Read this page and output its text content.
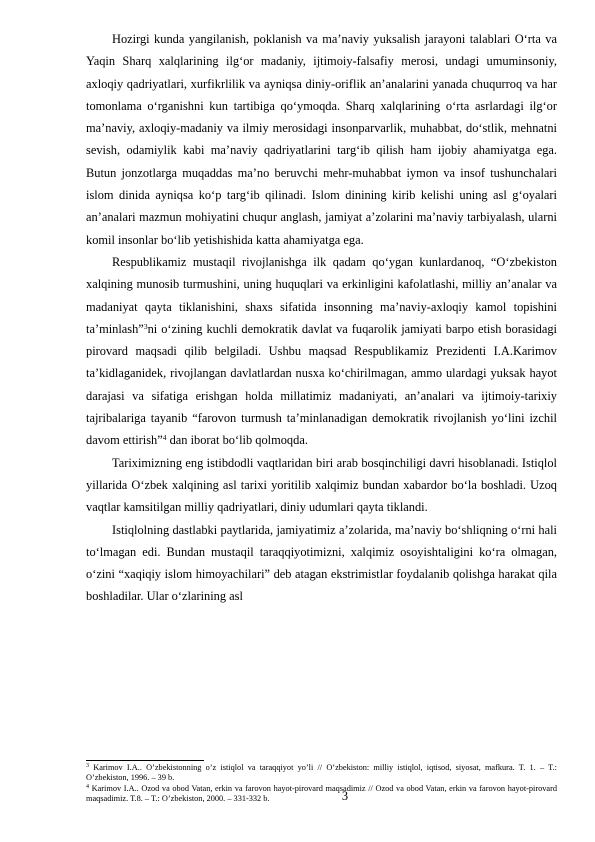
Hozirgi kunda yangilanish, poklanish va ma’naviy yuksalish jarayoni talablari O‘rta va Yaqin Sharq xalqlarining ilg‘or madaniy, ijtimoiy-falsafiy merosi, undagi umuminsoniy, axloqiy qadriyatlari, xurfikrlilik va ayniqsa diniy-oriflik an’analarini yanada chuqurroq va har tomonlama o‘rganishni kun tartibiga qo‘ymoqda. Sharq xalqlarining o‘rta asrlardagi ilg‘or ma’naviy, axloqiy-madaniy va ilmiy merosidagi insonparvarlik, muhabbat, do‘stlik, mehnatni sevish, odamiylik kabi ma’naviy qadriyatlarini targ‘ib qilish ham ijobiy ahamiyatga ega. Butun jonzotlarga muqaddas ma’no beruvchi mehr-muhabbat iymon va insof tushunchalari islom dinida ayniqsa ko‘p targ‘ib qilinadi. Islom dinining kirib kelishi uning asl g‘oyalari an’analari mazmun mohiyatini chuqur anglash, jamiyat a’zolarini ma’naviy tarbiyalash, ularni komil insonlar bo‘lib yetishishida katta ahamiyatga ega.

Respublikamiz mustaqil rivojlanishga ilk qadam qo‘ygan kunlardanoq, “O‘zbekiston xalqining munosib turmushini, uning huquqlari va erkinligini kafolatlashi, milliy an’analar va madaniyat qayta tiklanishini, shaxs sifatida insonning ma’naviy-axloqiy kamol topishini ta’minlash”$^3$ni o‘zining kuchli demokratik davlat va fuqarolik jamiyati barpo etish borasidagi pirovard maqsadi qilib belgiladi. Ushbu maqsad Respublikamiz Prezidenti I.A.Karimov ta’kidlaganidek, rivojlangan davlatlardan nusxa ko‘chirilmagan, ammo ulardagi yuksak hayot darajasi va sifatiga erishgan holda millatimiz madaniyati, an’analari va ijtimoiy-tarixiy tajribalariga tayanib “farovon turmush ta’minlanadigan demokratik rivojlanish yo‘lini izchil davom ettirish”$^4$ dan iborat bo‘lib qolmoqda.

Tariximizning eng istibdodli vaqtlaridan biri arab bosqinchiligi davri hisoblanadi. Istiqlol yillarida O‘zbek xalqining asl tarixi yoritilib xalqimiz bundan xabardor bo‘la boshladi. Uzoq vaqtlar kamsitilgan milliy qadriyatlari, diniy udumlari qayta tiklandi.

Istiqlolning dastlabki paytlarida, jamiyatimiz a’zolarida, ma’naviy bo‘shliqning o‘rni hali to‘lmagan edi. Bundan mustaqil taraqqiyotimizni, xalqimiz osoyishtaligini ko‘ra olmagan, o‘zini “xaqiqiy islom himoyachilari” deb atagan ekstrimistlar foydalanib qolishga harakat qila boshladilar. Ular o‘zlarining asl

$^3$ Karimov I.A.. O’zbekistonning o’z istiqlol va taraqqiyot yo’li // O’zbekiston: milliy istiqlol, iqtisod, siyosat, mafkura. T. 1. – T.: O’zbekiston, 1996. – 39 b.

$^4$ Karimov I.A.. Ozod va obod Vatan, erkin va farovon hayot-pirovard maqsadimiz // Ozod va obod Vatan, erkin va farovon hayot-pirovard maqsadimiz. T.8. – T.: O’zbekiston, 2000. – 331-332 b.	3
